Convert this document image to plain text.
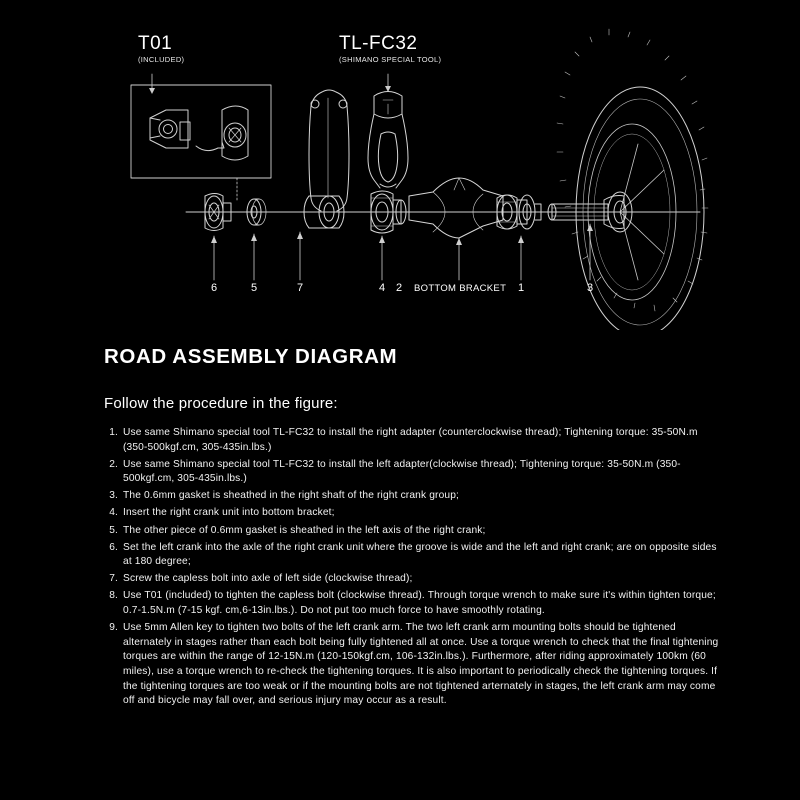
T01
(INCLUDED)
TL-FC32
(SHIMANO SPECIAL TOOL)
6	5	7	4 2	1	3
BOTTOM BRACKET
ROAD ASSEMBLY DIAGRAM
Follow the procedure in the figure:
1. Use same Shimano special tool TL-FC32 to install the right adapter (counterclockwise thread); Tightening torque: 35-50N.m (350-500kgf.cm, 305-435in.lbs.)
2. Use same Shimano special tool TL-FC32 to install the left adapter(clockwise thread); Tightening torque: 35-50N.m (350-500kgf.cm, 305-435in.lbs.)
3. The 0.6mm gasket is sheathed in the right shaft of the right crank group;
4. Insert the right crank unit into bottom bracket;
5. The other piece of 0.6mm gasket is sheathed in the left axis of the right crank;
6. Set the left crank into the axle of the right crank unit where the groove is wide and the left and right crank; are on opposite sides at 180 degree;
7. Screw the capless bolt into axle of left side (clockwise thread);
8. Use T01 (included) to tighten the capless bolt (clockwise thread). Through torque wrench to make sure it's within tighten torque; 0.7-1.5N.m (7-15 kgf. cm,6-13in.lbs.). Do not put too much force to have smoothly rotating.
9. Use 5mm Allen key to tighten two bolts of the left crank arm. The two left crank arm mounting bolts should be tightened alternately in stages rather than each bolt being fully tightened all at once. Use a torque wrench to check that the final tightening torques are within the range of 12-15N.m (120-150kgf.cm, 106-132in.lbs.). Furthermore, after riding approximately 100km (60 miles), use a torque wrench to re-check the tightening torques. It is also important to periodically check the tightening torques. If the tightening torques are too weak or if the mounting bolts are not tightened arternately in stages, the left crank arm may come off and bicycle may fall over, and serious injury may occur as a result.
